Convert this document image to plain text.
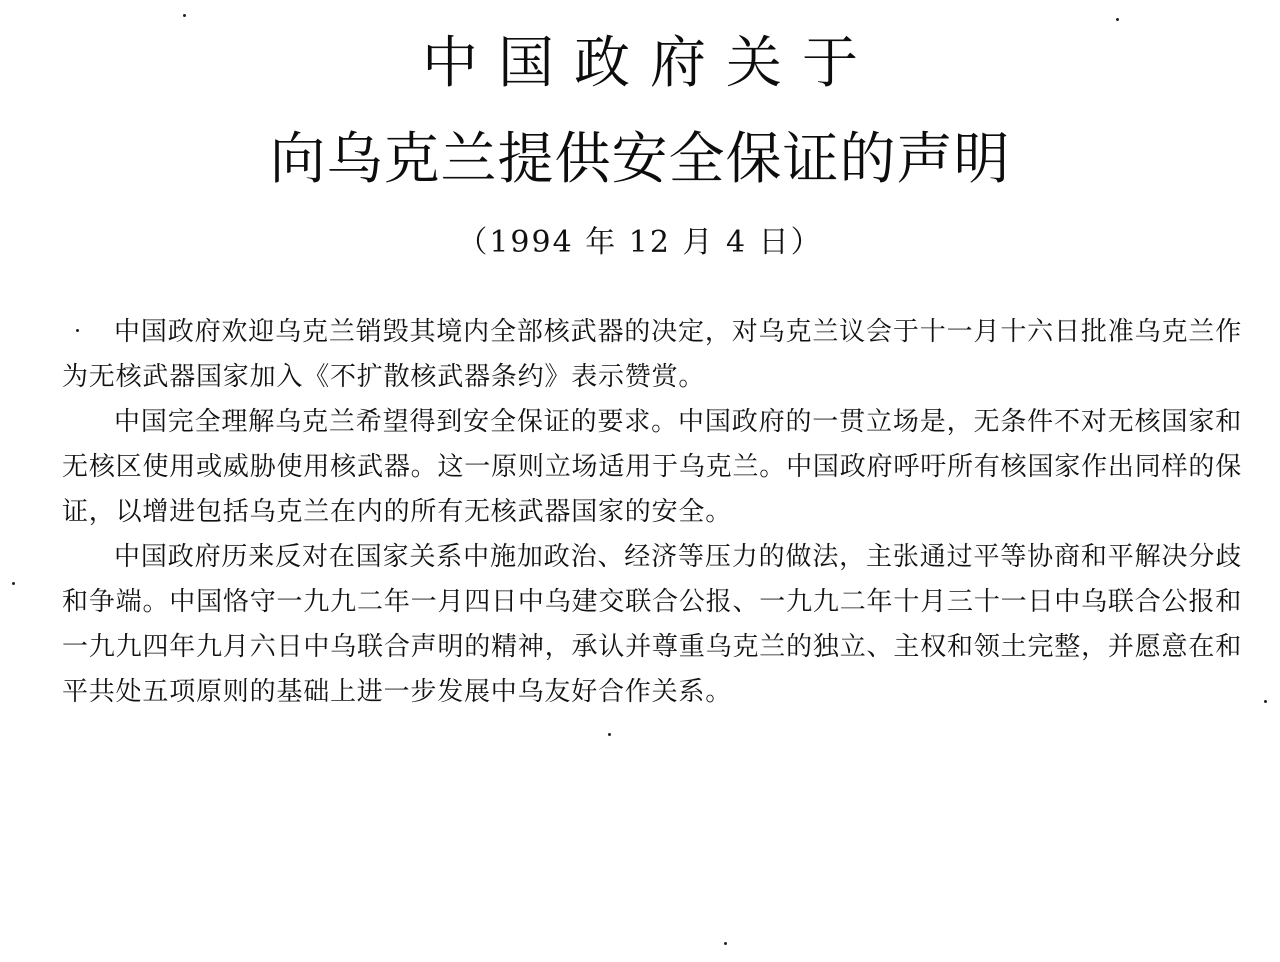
中国政府关于
向乌克兰提供安全保证的声明
（1994 年 12 月 4 日）

中国政府欢迎乌克兰销毁其境内全部核武器的决定，对乌克兰议会于十一月十六日批准乌克兰作为无核武器国家加入《不扩散核武器条约》表示赞赏。

中国完全理解乌克兰希望得到安全保证的要求。中国政府的一贯立场是，无条件不对无核国家和无核区使用或威胁使用核武器。这一原则立场适用于乌克兰。中国政府呼吁所有核国家作出同样的保证，以增进包括乌克兰在内的所有无核武器国家的安全。

中国政府历来反对在国家关系中施加政治、经济等压力的做法，主张通过平等协商和平解决分歧和争端。中国恪守一九九二年一月四日中乌建交联合公报、一九九二年十月三十一日中乌联合公报和一九九四年九月六日中乌联合声明的精神，承认并尊重乌克兰的独立、主权和领土完整，并愿意在和平共处五项原则的基础上进一步发展中乌友好合作关系。
